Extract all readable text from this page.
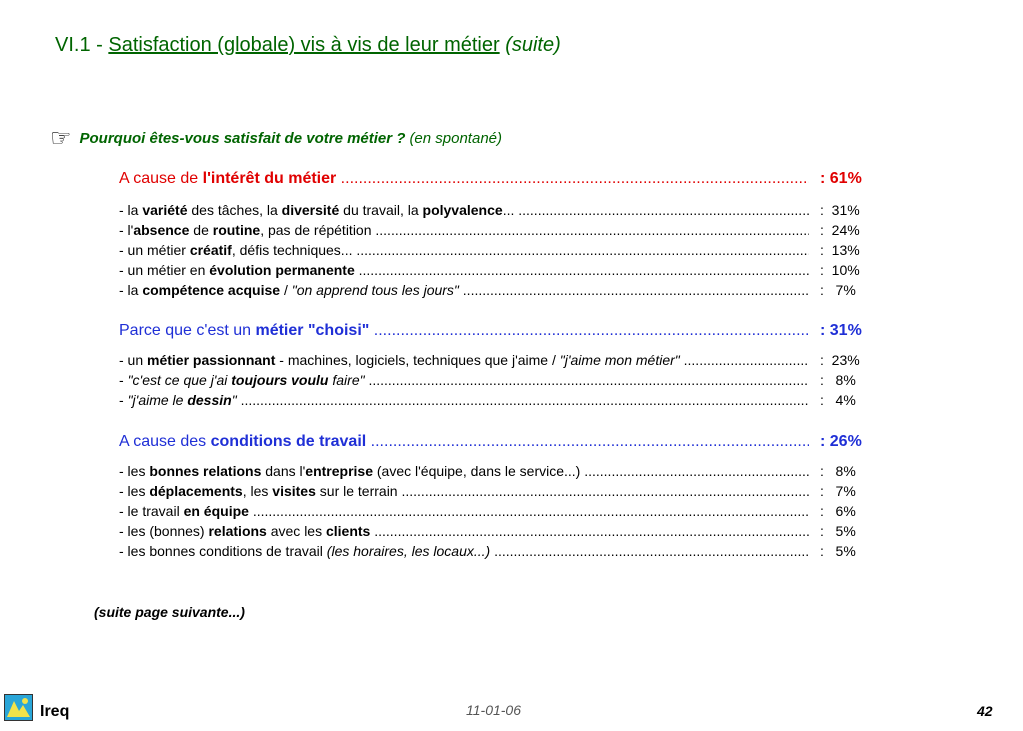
VI.1 - Satisfaction (globale) vis à vis de leur métier (suite)
☞ Pourquoi êtes-vous satisfait de votre métier ? (en spontané)
A cause de l'intérêt du métier .....	: 61%
- la variété des tâches, la diversité du travail, la polyvalence... .....	:  31%
- l'absence de routine, pas de répétition .....	:  24%
- un métier créatif, défis techniques... .....	:  13%
- un métier en évolution permanente .....	:  10%
- la compétence acquise / "on apprend tous les jours" .....	:   7%
Parce que c'est un métier "choisi" .....	: 31%
- un métier passionnant - machines, logiciels, techniques que j'aime / "j'aime mon métier" .....	:  23%
- "c'est ce que j'ai toujours voulu faire" .....	:   8%
- "j'aime le dessin" .....	:   4%
A cause des conditions de travail .....	: 26%
- les bonnes relations dans l'entreprise (avec l'équipe, dans le service...) .....	:   8%
- les déplacements, les visites sur le terrain .....	:   7%
- le travail en équipe .....	:   6%
- les (bonnes) relations avec les clients .....	:   5%
- les bonnes conditions de travail (les horaires, les locaux...) .....	:   5%
(suite page suivante...)
Ireq	11-01-06	42
